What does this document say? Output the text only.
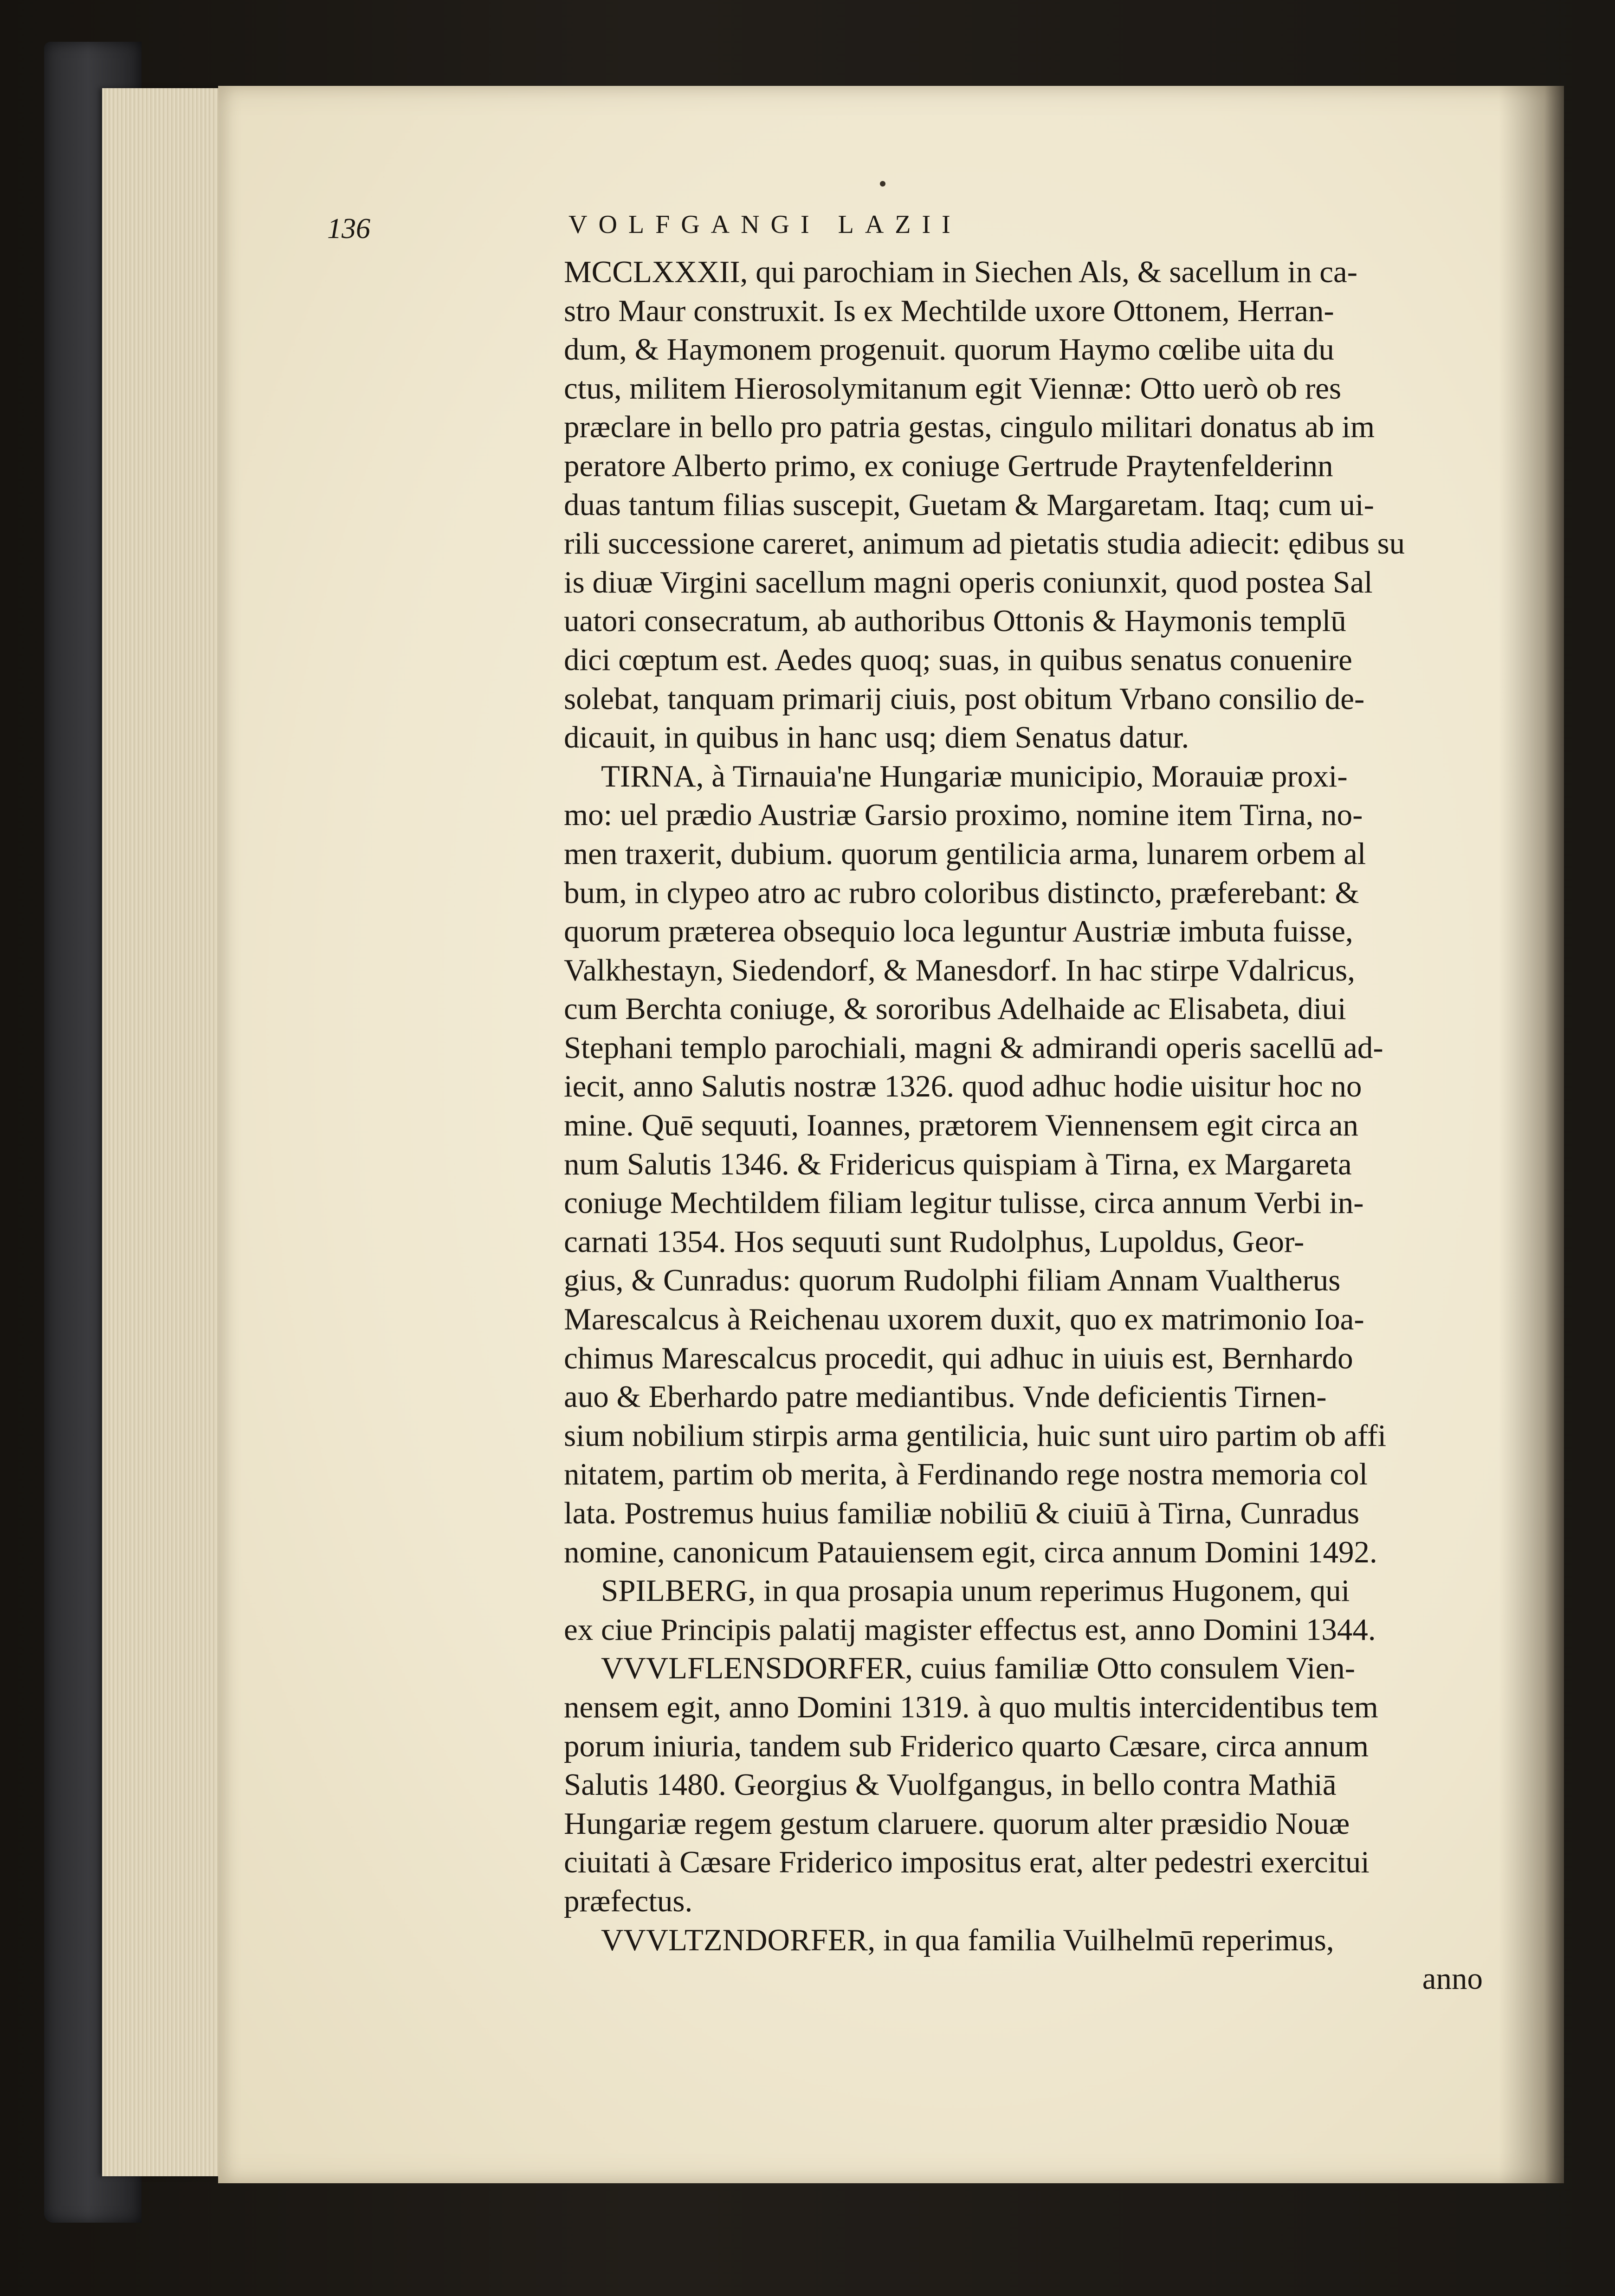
136	VOLFGANGI LAZII
MCCLXXXII, qui parochiam in Siechen Als, & sacellum in ca-
stro Maur construxit. Is ex Mechtilde uxore Ottonem, Herran-
dum, & Haymonem progenuit. quorum Haymo cœlibe uita du
ctus, militem Hierosolymitanum egit Viennæ: Otto uerò ob res
præclare in bello pro patria gestas, cingulo militari donatus ab im
peratore Alberto primo, ex coniuge Gertrude Praytenfelderinn
duas tantum filias suscepit, Guetam & Margaretam. Itaq; cum ui-
rili successione careret, animum ad pietatis studia adiecit: ędibus su
is diuæ Virgini sacellum magni operis coniunxit, quod postea Sal
uatori consecratum, ab authoribus Ottonis & Haymonis templū
dici cœptum est. Aedes quoq; suas, in quibus senatus conuenire
solebat, tanquam primarij ciuis, post obitum Vrbano consilio de-
dicauit, in quibus in hanc usq; diem Senatus datur.
TIRNA, à Tirnauia'ne Hungariæ municipio, Morauiæ proxi-
mo: uel prædio Austriæ Garsio proximo, nomine item Tirna, no-
men traxerit, dubium. quorum gentilicia arma, lunarem orbem al
bum, in clypeo atro ac rubro coloribus distincto, præferebant: &
quorum præterea obsequio loca leguntur Austriæ imbuta fuisse,
Valkhestayn, Siedendorf, & Manesdorf. In hac stirpe Vdalricus,
cum Berchta coniuge, & sororibus Adelhaide ac Elisabeta, diui
Stephani templo parochiali, magni & admirandi operis sacellū ad-
iecit, anno Salutis nostræ 1326. quod adhuc hodie uisitur hoc no
mine. Quē sequuti, Ioannes, prætorem Viennensem egit circa an
num Salutis 1346. & Fridericus quispiam à Tirna, ex Margareta
coniuge Mechtildem filiam legitur tulisse, circa annum Verbi in-
carnati 1354. Hos sequuti sunt Rudolphus, Lupoldus, Geor-
gius, & Cunradus: quorum Rudolphi filiam Annam Vualtherus
Marescalcus à Reichenau uxorem duxit, quo ex matrimonio Ioa-
chimus Marescalcus procedit, qui adhuc in uiuis est, Bernhardo
auo & Eberhardo patre mediantibus. Vnde deficientis Tirnen-
sium nobilium stirpis arma gentilicia, huic sunt uiro partim ob affi
nitatem, partim ob merita, à Ferdinando rege nostra memoria col
lata. Postremus huius familiæ nobiliū & ciuiū à Tirna, Cunradus
nomine, canonicum Patauiensem egit, circa annum Domini 1492.
SPILBERG, in qua prosapia unum reperimus Hugonem, qui
ex ciue Principis palatij magister effectus est, anno Domini 1344.
VVVLFLENSDORFER, cuius familiæ Otto consulem Vien-
nensem egit, anno Domini 1319. à quo multis intercidentibus tem
porum iniuria, tandem sub Friderico quarto Cæsare, circa annum
Salutis 1480. Georgius & Vuolfgangus, in bello contra Mathiā
Hungariæ regem gestum claruere. quorum alter præsidio Nouæ
ciuitati à Cæsare Friderico impositus erat, alter pedestri exercitui
præfectus.
VVVLTZNDORFER, in qua familia Vuilhelmū reperimus,
anno
